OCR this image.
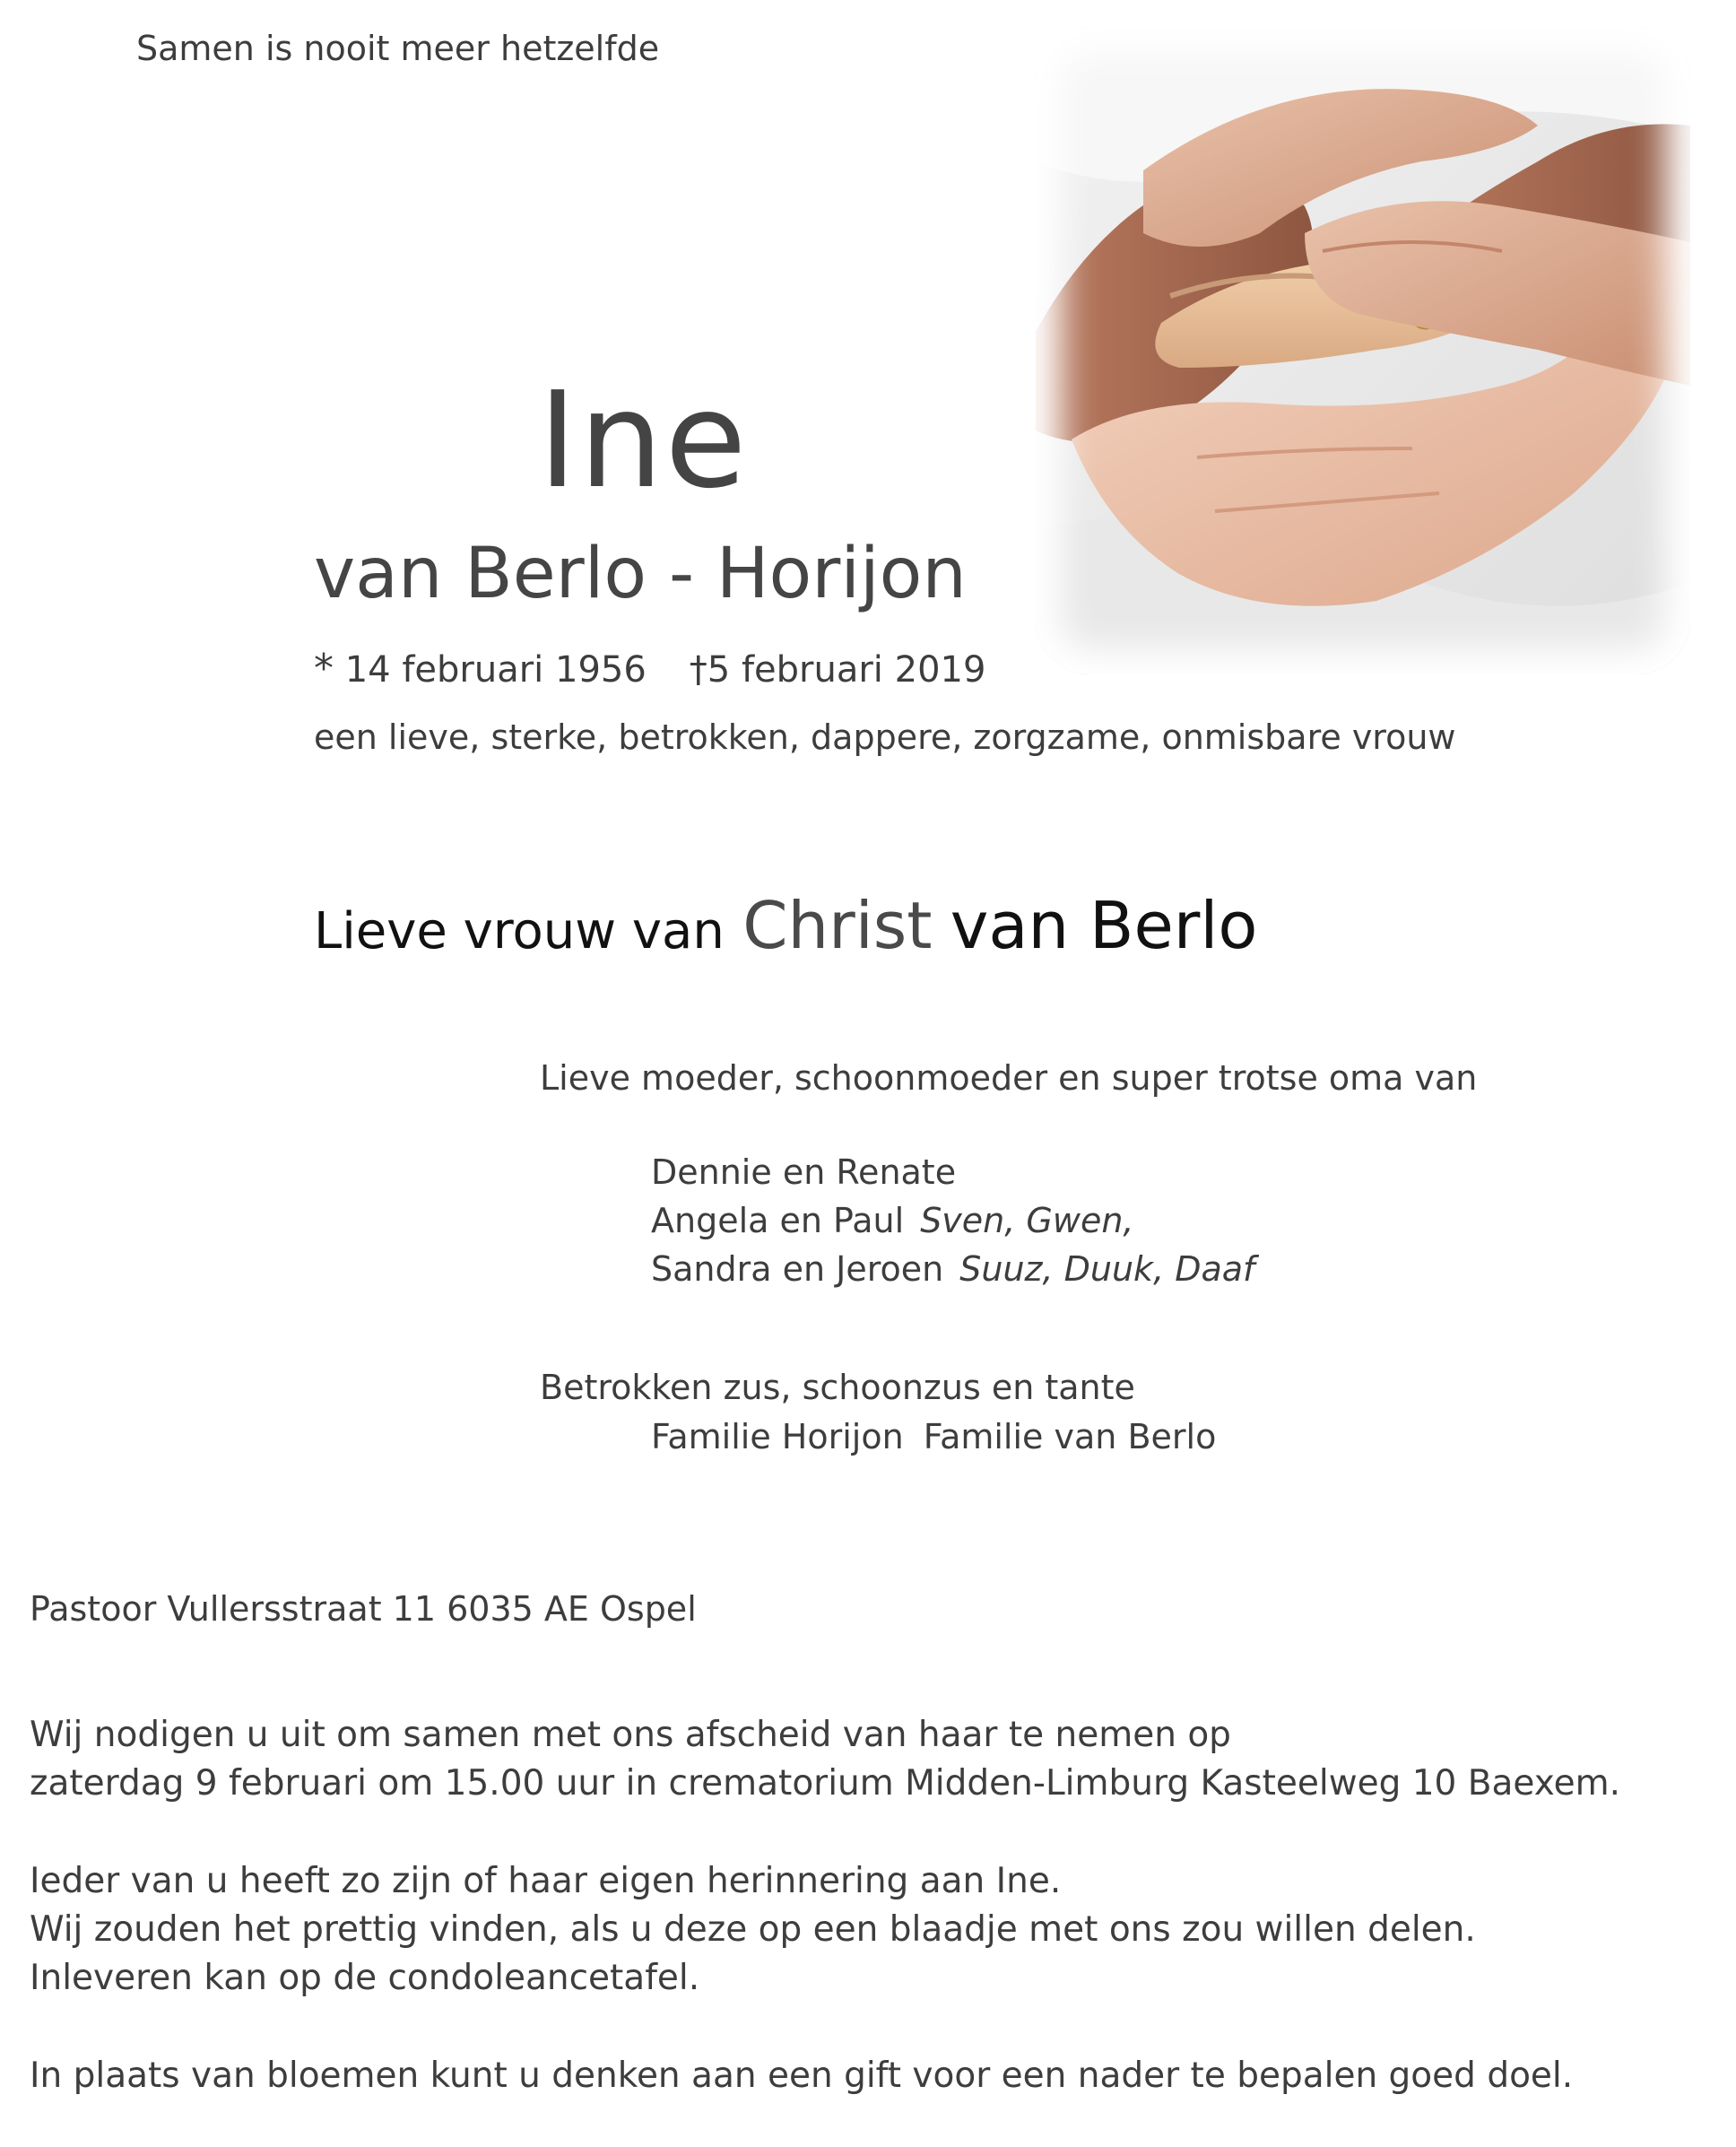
Samen is nooit meer hetzelfde
Ine
van Berlo - Horijon
* 14 februari 1956 †5 februari 2019
een lieve, sterke, betrokken, dappere, zorgzame, onmisbare vrouw
Lieve vrouw van Christ van Berlo
Lieve moeder, schoonmoeder en super trotse oma van
Dennie en Renate
Angela en Paul Sven, Gwen,
Sandra en Jeroen Suuz, Duuk, Daaf
Betrokken zus, schoonzus en tante
Familie Horijon Familie van Berlo
Pastoor Vullersstraat 11 6035 AE Ospel
Wij nodigen u uit om samen met ons afscheid van haar te nemen op
zaterdag 9 februari om 15.00 uur in crematorium Midden-Limburg Kasteelweg 10 Baexem.
Ieder van u heeft zo zijn of haar eigen herinnering aan Ine.
Wij zouden het prettig vinden, als u deze op een blaadje met ons zou willen delen.
Inleveren kan op de condoleancetafel.
In plaats van bloemen kunt u denken aan een gift voor een nader te bepalen goed doel.
